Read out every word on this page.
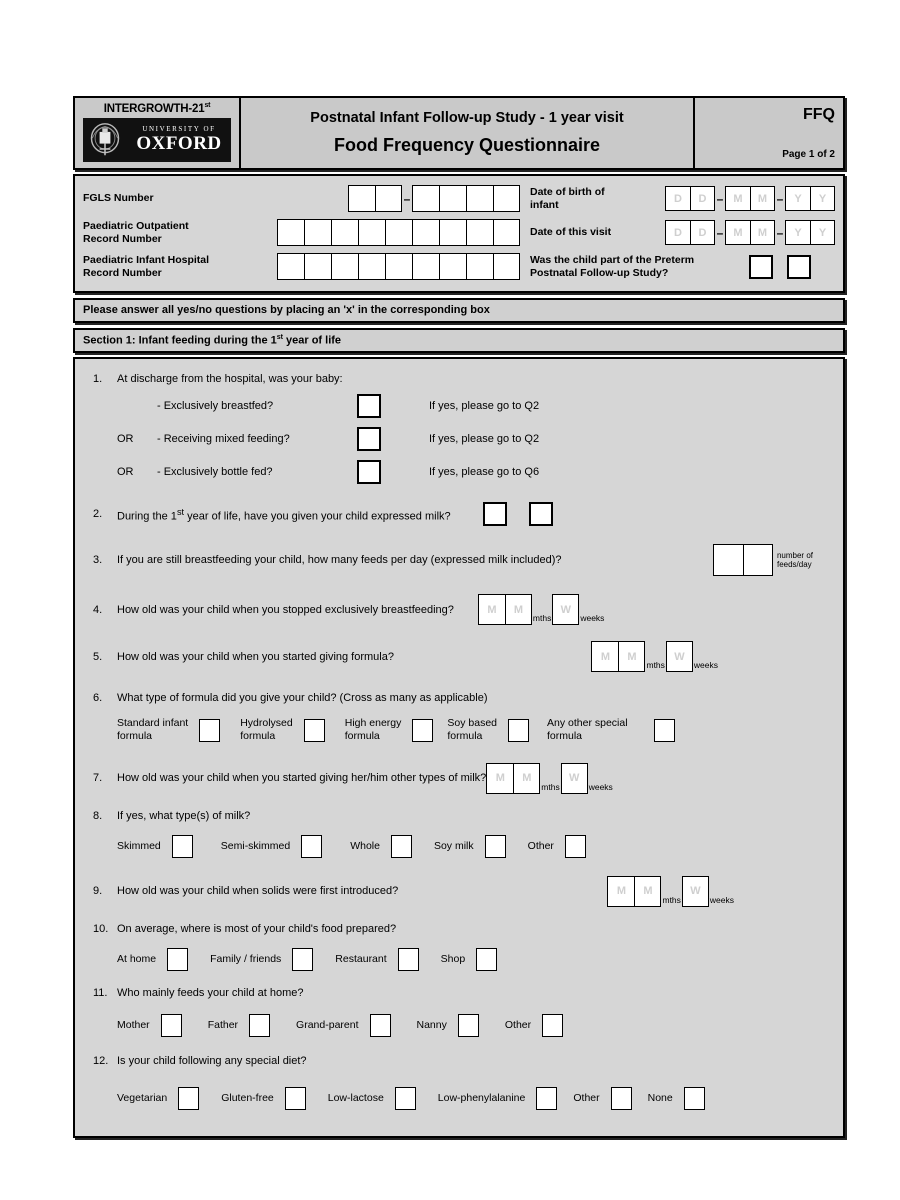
INTERGROWTH-21st
UNIVERSITY OF
OXFORD
Postnatal Infant Follow-up Study - 1 year visit
Food Frequency Questionnaire
FFQ
Page 1 of 2
FGLS Number	–
Paediatric Outpatient
Record Number
Paediatric Infant Hospital
Record Number
Date of birth of
infant	D	D – M	M – Y	Y
Date of this visit	D	D – M	M – Y	Y
Was the child part of the Preterm
Postnatal Follow-up Study?
Please answer all yes/no questions by placing an 'x' in the corresponding box
Section 1: Infant feeding during the 1st year of life
1.	At discharge from the hospital, was your baby:
- Exclusively breastfed?	If yes, please go to Q2
OR	- Receiving mixed feeding?	If yes, please go to Q2
OR	- Exclusively bottle fed?	If yes, please go to Q6
2.	During the 1st year of life, have you given your child expressed milk?
3.	If you are still breastfeeding your child, how many feeds per day (expressed milk included)?	number of
feeds/day
4.	How old was your child when you stopped exclusively breastfeeding?	M	M
mths
W
weeks
5.	How old was your child when you started giving formula?	M	M
mths
W
weeks
6.	What type of formula did you give your child? (Cross as many as applicable)
Standard infant
formula
Hydrolysed
formula
High energy
formula
Soy based
formula
Any other special
formula
7.	How old was your child when you started giving her/him other types of milk? M	M
mths
W
weeks
8.	If yes, what type(s) of milk?
Skimmed	Semi-skimmed	Whole	Soy milk	Other
9.	How old was your child when solids were first introduced?	M	M
mths
W
weeks
10. On average, where is most of your child's food prepared?
At home	Family / friends	Restaurant	Shop
11. Who mainly feeds your child at home?
Mother	Father	Grand-parent	Nanny	Other
12. Is your child following any special diet?
Vegetarian	Gluten-free	Low-lactose	Low-phenylalanine	Other	None
